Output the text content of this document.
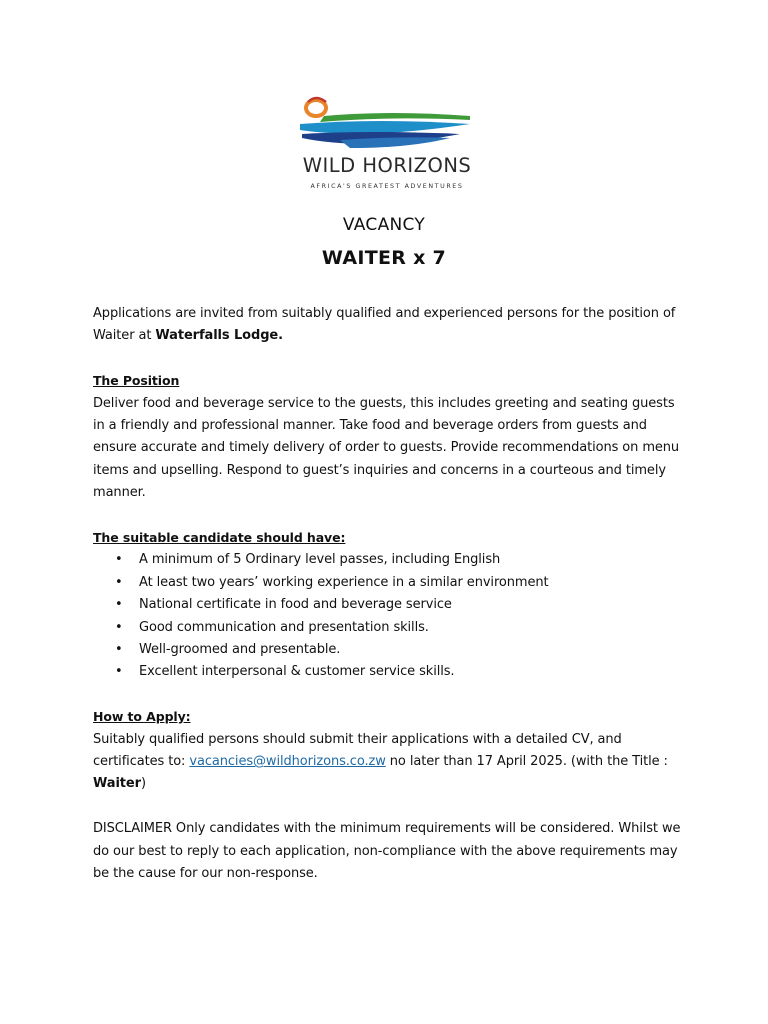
WILD HORIZONS
AFRICA'S GREATEST ADVENTURES
VACANCY
WAITER x 7

Applications are invited from suitably qualified and experienced persons for the position of Waiter at Waterfalls Lodge.

The Position

Deliver food and beverage service to the guests, this includes greeting and seating guests in a friendly and professional manner. Take food and beverage orders from guests and ensure accurate and timely delivery of order to guests. Provide recommendations on menu items and upselling. Respond to guest’s inquiries and concerns in a courteous and timely manner.

The suitable candidate should have:

• A minimum of 5 Ordinary level passes, including English
• At least two years’ working experience in a similar environment
• National certificate in food and beverage service
• Good communication and presentation skills.
• Well-groomed and presentable.
• Excellent interpersonal & customer service skills.

How to Apply:

Suitably qualified persons should submit their applications with a detailed CV, and certificates to: vacancies@wildhorizons.co.zw no later than 17 April 2025. (with the Title : Waiter)

DISCLAIMER Only candidates with the minimum requirements will be considered. Whilst we do our best to reply to each application, non-compliance with the above requirements may be the cause for our non-response.
